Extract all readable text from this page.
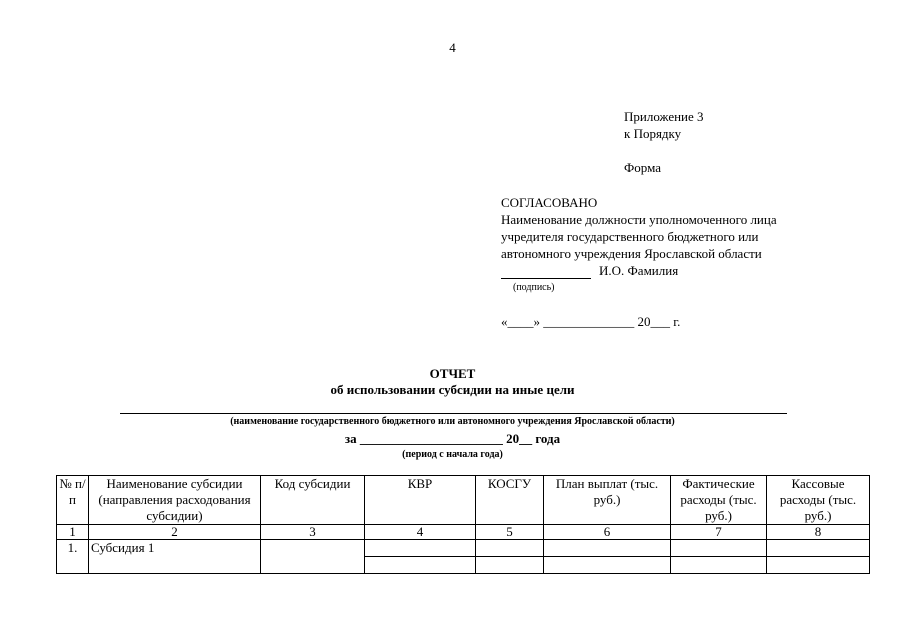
4
Приложение 3
к Порядку
Форма
СОГЛАСОВАНО
Наименование должности уполномоченного лица
учредителя государственного бюджетного или
автономного учреждения Ярославской области
И.О. Фамилия
(подпись)
«____» ______________ 20___ г.
ОТЧЕТ
об использовании субсидии на иные цели
(наименование государственного бюджетного или автономного учреждения Ярославской области)
за ______________________ 20__ года
(период с начала года)
№ п/п	Наименование субсидии (направления расходования субсидии)	Код субсидии	КВР	КОСГУ	План выплат (тыс. руб.)	Фактические расходы (тыс. руб.)	Кассовые расходы (тыс. руб.)
1	2	3	4	5	6	7	8
1.	Субсидия 1						
